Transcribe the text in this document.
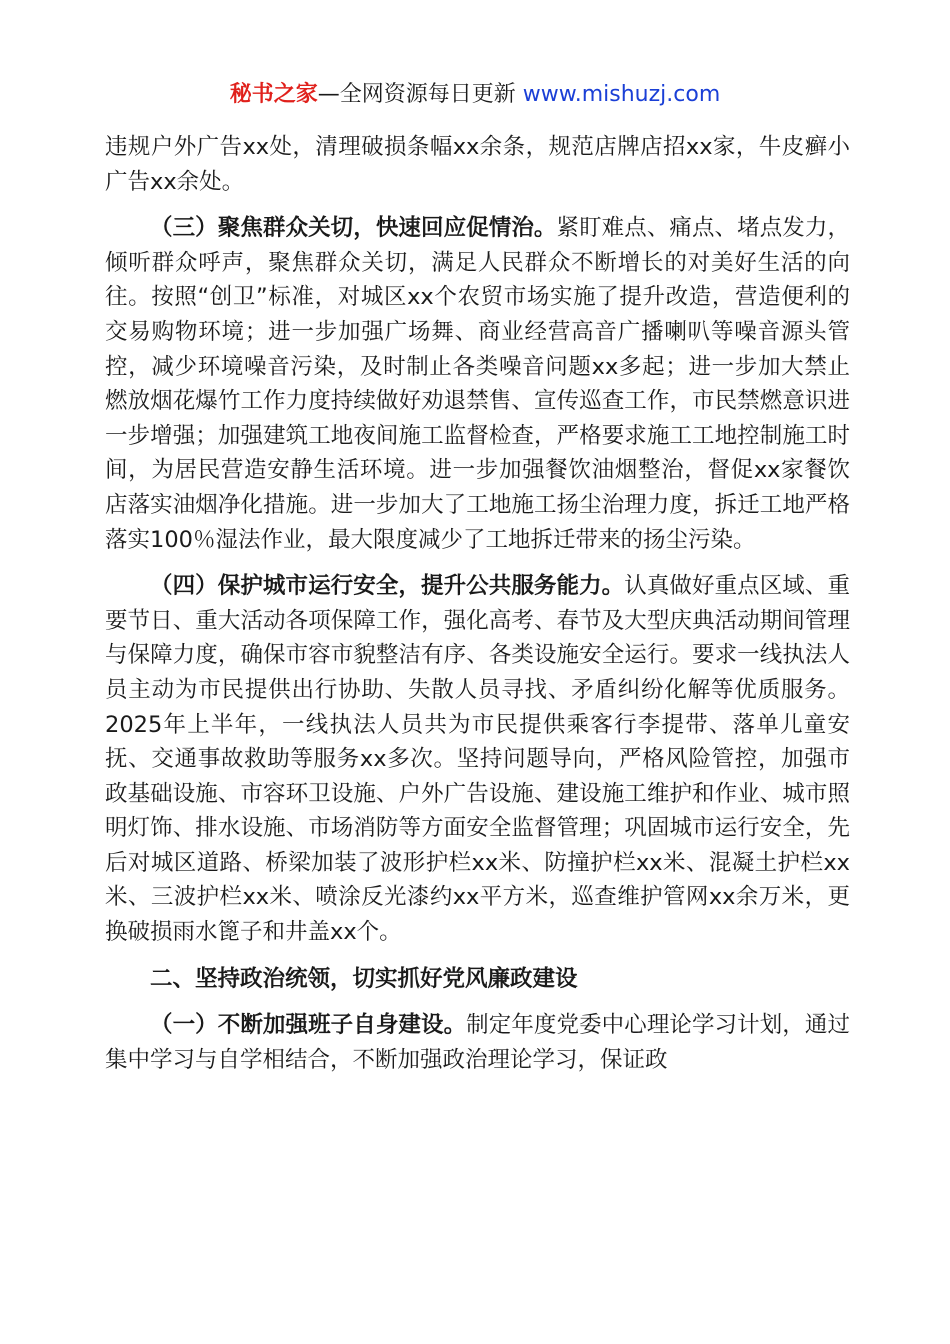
秘书之家—全网资源每日更新 www.mishuzj.com

违规户外广告xx处，清理破损条幅xx余条，规范店牌店招xx家，牛皮癣小广告xx余处。

（三）聚焦群众关切，快速回应促情治。紧盯难点、痛点、堵点发力，倾听群众呼声，聚焦群众关切，满足人民群众不断增长的对美好生活的向往。按照“创卫”标准，对城区xx个农贸市场实施了提升改造，营造便利的交易购物环境；进一步加强广场舞、商业经营高音广播喇叭等噪音源头管控，减少环境噪音污染，及时制止各类噪音问题xx多起；进一步加大禁止燃放烟花爆竹工作力度持续做好劝退禁售、宣传巡查工作，市民禁燃意识进一步增强；加强建筑工地夜间施工监督检查，严格要求施工工地控制施工时间，为居民营造安静生活环境。进一步加强餐饮油烟整治，督促xx家餐饮店落实油烟净化措施。进一步加大了工地施工扬尘治理力度，拆迁工地严格落实100％湿法作业，最大限度减少了工地拆迁带来的扬尘污染。

（四）保护城市运行安全，提升公共服务能力。认真做好重点区域、重要节日、重大活动各项保障工作，强化高考、春节及大型庆典活动期间管理与保障力度，确保市容市貌整洁有序、各类设施安全运行。要求一线执法人员主动为市民提供出行协助、失散人员寻找、矛盾纠纷化解等优质服务。2025年上半年，一线执法人员共为市民提供乘客行李提带、落单儿童安抚、交通事故救助等服务xx多次。坚持问题导向，严格风险管控，加强市政基础设施、市容环卫设施、户外广告设施、建设施工维护和作业、城市照明灯饰、排水设施、市场消防等方面安全监督管理；巩固城市运行安全，先后对城区道路、桥梁加装了波形护栏xx米、防撞护栏xx米、混凝土护栏xx米、三波护栏xx米、喷涂反光漆约xx平方米，巡查维护管网xx余万米，更换破损雨水篦子和井盖xx个。

二、坚持政治统领，切实抓好党风廉政建设

（一）不断加强班子自身建设。制定年度党委中心理论学习计划，通过集中学习与自学相结合，不断加强政治理论学习，保证政
